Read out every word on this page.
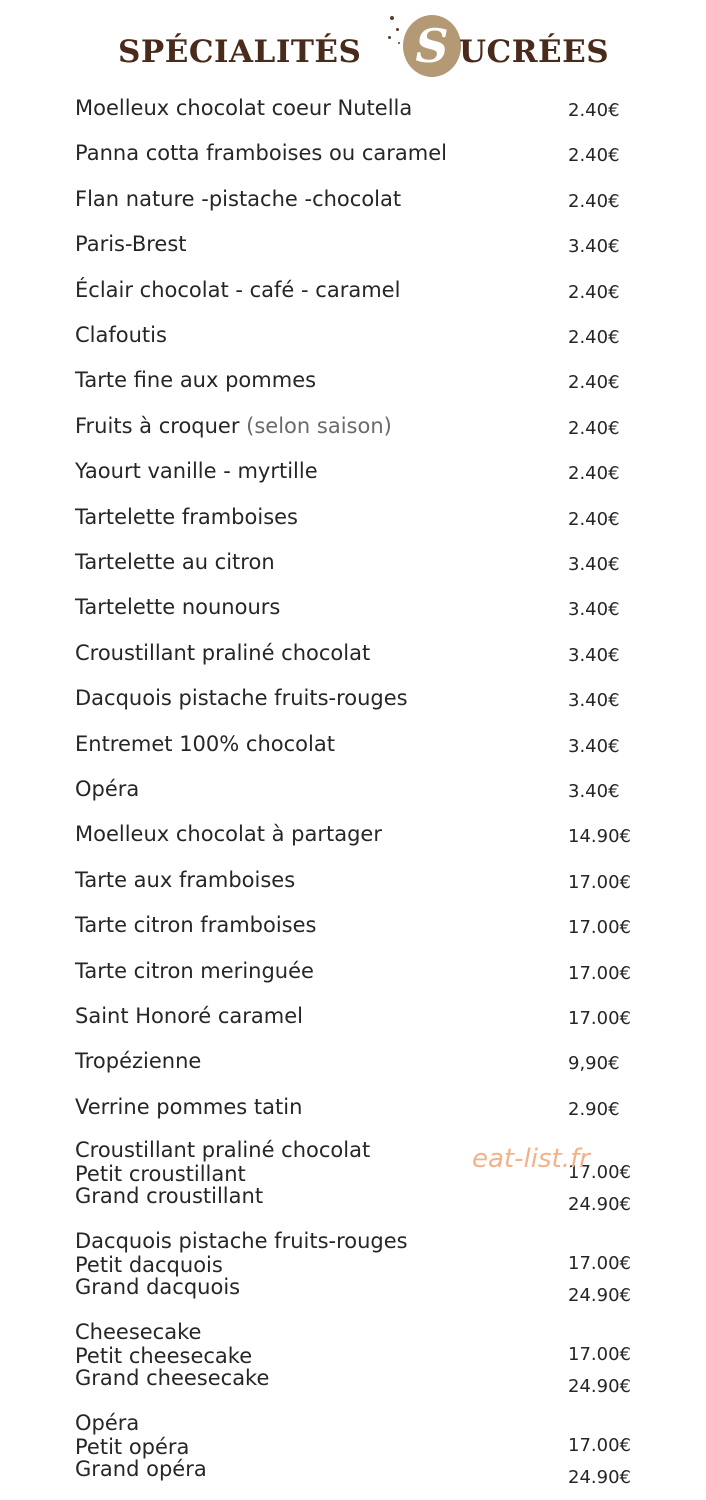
SPÉCIALITÉS S UCRÉES
Moelleux chocolat coeur Nutella	2.40€
Panna cotta framboises ou caramel	2.40€
Flan nature -pistache -chocolat	2.40€
Paris-Brest	3.40€
Éclair chocolat - café - caramel	2.40€
Clafoutis	2.40€
Tarte fine aux pommes	2.40€
Fruits à croquer (selon saison)	2.40€
Yaourt vanille - myrtille	2.40€
Tartelette framboises	2.40€
Tartelette au citron	3.40€
Tartelette nounours	3.40€
Croustillant praliné chocolat	3.40€
Dacquois pistache fruits-rouges	3.40€
Entremet 100% chocolat	3.40€
Opéra	3.40€
Moelleux chocolat à partager	14.90€
Tarte aux framboises	17.00€
Tarte citron framboises	17.00€
Tarte citron meringuée	17.00€
Saint Honoré caramel	17.00€
Tropézienne	9,90€
Verrine pommes tatin	2.90€
Croustillant praliné chocolat
Petit croustillant	17.00€
Grand croustillant	24.90€
Dacquois pistache fruits-rouges
Petit dacquois	17.00€
Grand dacquois	24.90€
Cheesecake
Petit cheesecake	17.00€
Grand cheesecake	24.90€
Opéra
Petit opéra	17.00€
Grand opéra	24.90€
eat-list.fr
